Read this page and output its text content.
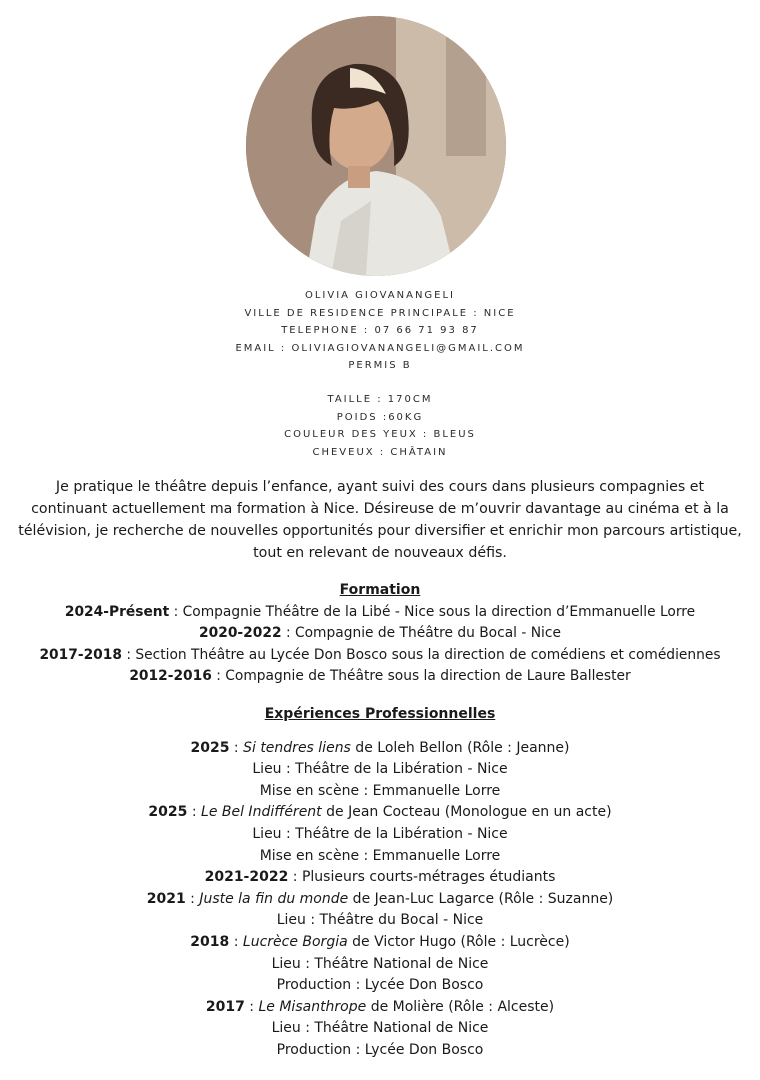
OLIVIA GIOVANANGELI
VILLE DE RESIDENCE PRINCIPALE : NICE
TELEPHONE : 07 66 71 93 87
EMAIL : OLIVIAGIOVANANGELI@GMAIL.COM
PERMIS B
TAILLE : 170CM
POIDS :60KG
COULEUR DES YEUX : BLEUS
CHEVEUX : CHÂTAIN
Je pratique le théâtre depuis l’enfance, ayant suivi des cours dans plusieurs compagnies et continuant actuellement ma formation à Nice. Désireuse de m’ouvrir davantage au cinéma et à la télévision, je recherche de nouvelles opportunités pour diversifier et enrichir mon parcours artistique, tout en relevant de nouveaux défis.
Formation
2024-Présent : Compagnie Théâtre de la Libé - Nice sous la direction d’Emmanuelle Lorre
2020-2022 : Compagnie de Théâtre du Bocal - Nice
2017-2018 : Section Théâtre au Lycée Don Bosco sous la direction de comédiens et comédiennes
2012-2016 : Compagnie de Théâtre sous la direction de Laure Ballester
Expériences Professionnelles
2025 : Si tendres liens de Loleh Bellon (Rôle : Jeanne)
Lieu : Théâtre de la Libération - Nice
Mise en scène : Emmanuelle Lorre
2025 : Le Bel Indifférent de Jean Cocteau (Monologue en un acte)
Lieu : Théâtre de la Libération - Nice
Mise en scène : Emmanuelle Lorre
2021-2022 : Plusieurs courts-métrages étudiants
2021 : Juste la fin du monde de Jean-Luc Lagarce (Rôle : Suzanne)
Lieu : Théâtre du Bocal - Nice
2018 : Lucrèce Borgia de Victor Hugo (Rôle : Lucrèce)
Lieu : Théâtre National de Nice
Production : Lycée Don Bosco
2017 : Le Misanthrope de Molière (Rôle : Alceste)
Lieu : Théâtre National de Nice
Production : Lycée Don Bosco
